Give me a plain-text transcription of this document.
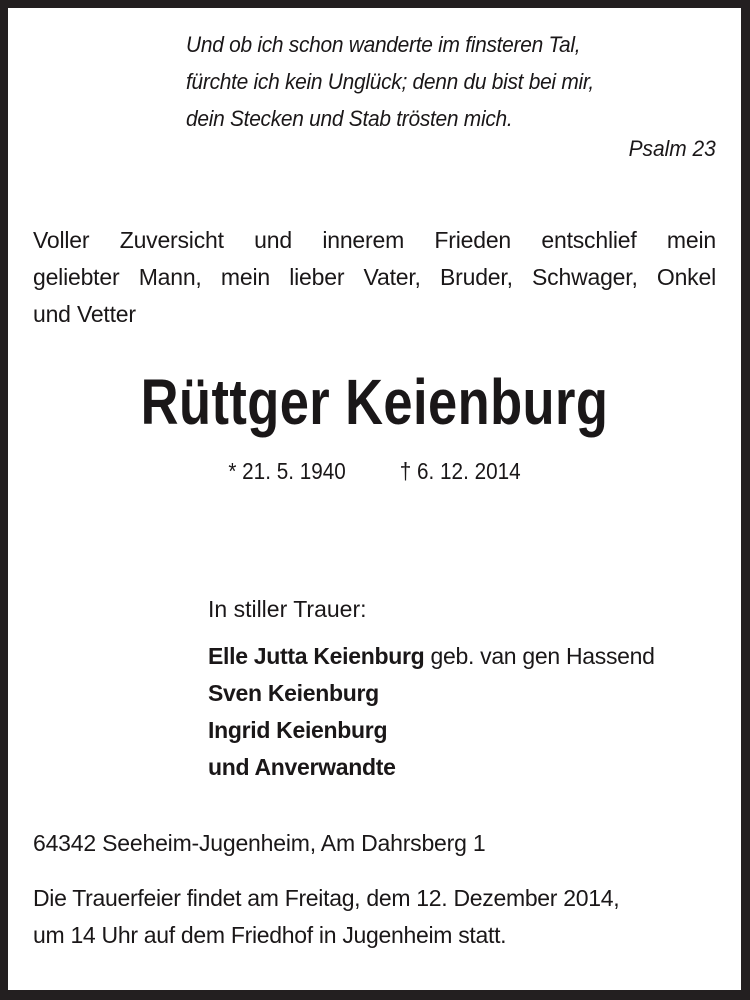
Und ob ich schon wanderte im finsteren Tal,
fürchte ich kein Unglück; denn du bist bei mir,
dein Stecken und Stab trösten mich.
Psalm 23
Voller Zuversicht und innerem Frieden entschlief mein
geliebter Mann, mein lieber Vater, Bruder, Schwager, Onkel
und Vetter
Rüttger Keienburg
* 21. 5. 1940 † 6. 12. 2014
In stiller Trauer:
Elle Jutta Keienburg geb. van gen Hassend
Sven Keienburg
Ingrid Keienburg
und Anverwandte
64342 Seeheim-Jugenheim, Am Dahrsberg 1
Die Trauerfeier findet am Freitag, dem 12. Dezember 2014,
um 14 Uhr auf dem Friedhof in Jugenheim statt.
